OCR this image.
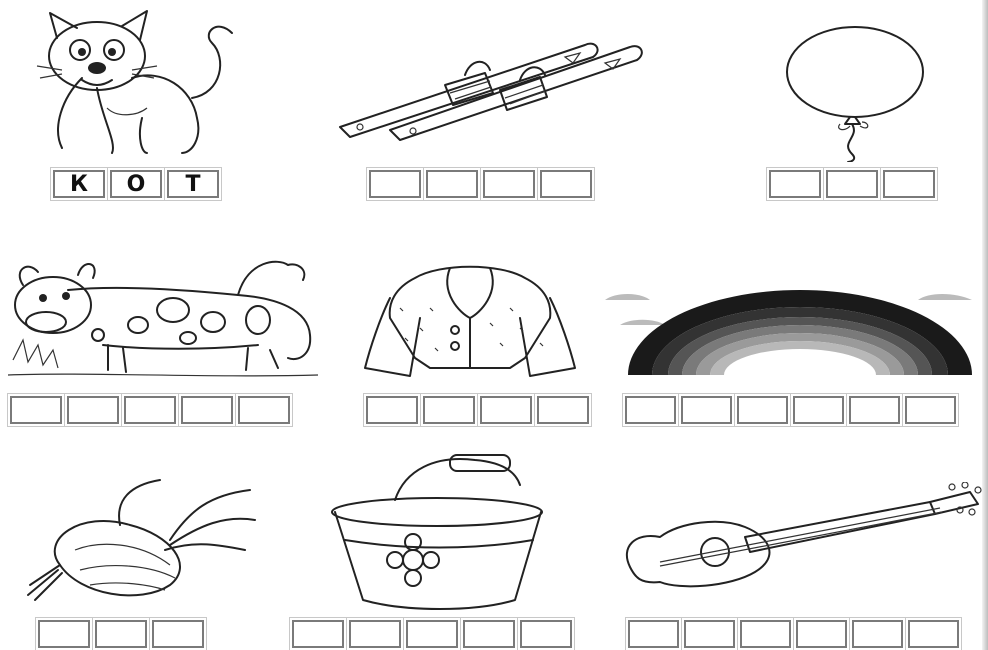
К	О	Т
